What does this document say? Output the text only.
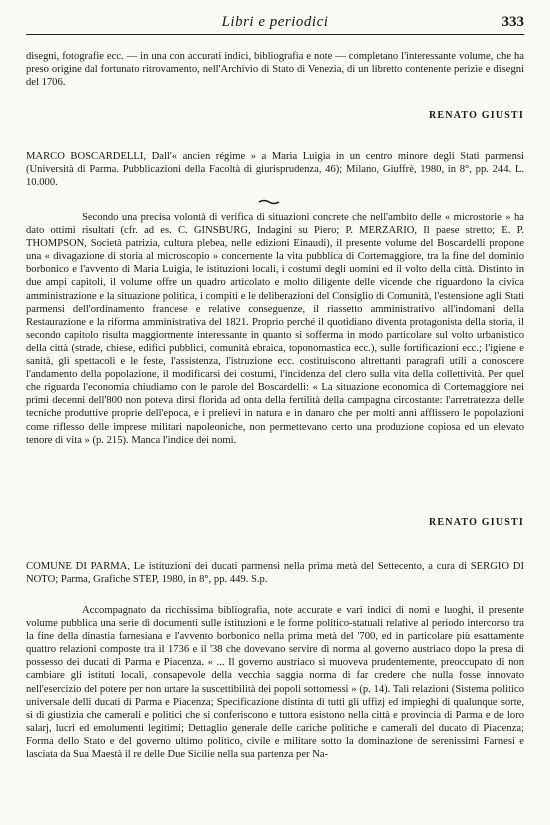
Libri e periodici	333

disegni, fotografie ecc. — in una con accurati indici, bibliografia e note — completano l'interessante volume, che ha preso origine dal fortunato ritrovamento, nell'Archivio di Stato di Venezia, di un libretto contenente perizie e disegni del 1706.

RENATO GIUSTI

MARCO BOSCARDELLI, Dall'« ancien régime » a Maria Luigia in un centro minore degli Stati parmensi (Università di Parma. Pubblicazioni della Facoltà di giurisprudenza, 46); Milano, Giuffrè, 1980, in 8°, pp. 244. L. 10.000.

Secondo una precisa volontà di verifica di situazioni concrete che nell'ambito delle « microstorie » ha dato ottimi risultati (cfr. ad es. C. GINSBURG, Indagini su Piero; P. MERZARIO, Il paese stretto; E. P. THOMPSON, Società patrizia, cultura plebea, nelle edizioni Einaudi), il presente volume del Boscardelli propone una « divagazione di storia al microscopio » concernente la vita pubblica di Cortemaggiore, tra la fine del dominio borbonico e l'avvento di Maria Luigia, le istituzioni locali, i costumi degli uomini ed il volto della città. Distinto in due ampi capitoli, il volume offre un quadro articolato e molto diligente delle vicende che riguardono la civica amministrazione e la situazione politica, i compiti e le deliberazioni del Consiglio di Comunità, l'estensione agli Stati parmensi dell'ordinamento francese e relative conseguenze, il riassetto amministrativo all'indomani della Restaurazione e la riforma amministrativa del 1821. Proprio perché il quotidiano diventa protagonista della storia, il secondo capitolo risulta maggiormente interessante in quanto si sofferma in modo particolare sul volto urbanistico della città (strade, chiese, edifici pubblici, comunità ebraica, toponomastica ecc.), sulle fortificazioni ecc.; l'igiene e sanità, gli spettacoli e le feste, l'assistenza, l'istruzione ecc. costituiscono altrettanti paragrafi utili a conoscere l'andamento della popolazione, il modificarsi dei costumi, l'incidenza del clero sulla vita della collettività. Per quel che riguarda l'economia chiudiamo con le parole del Boscardelli: « La situazione economica di Cortemaggiore nei primi decenni dell'800 non poteva dirsi florida ad onta della fertilità della campagna circostante: l'arretratezza delle tecniche produttive proprie dell'epoca, e i prelievi in natura e in danaro che per molti anni afflissero le popolazioni come riflesso delle imprese militari napoleoniche, non permettevano certo una produzione copiosa ed un elevato tenore di vita » (p. 215). Manca l'indice dei nomi.

RENATO GIUSTI

COMUNE DI PARMA, Le istituzioni dei ducati parmensi nella prima metà del Settecento, a cura di SERGIO DI NOTO; Parma, Grafiche STEP, 1980, in 8°, pp. 449. S.p.

Accompagnato da ricchissima bibliografia, note accurate e vari indici di nomi e luoghi, il presente volume pubblica una serie di documenti sulle istituzioni e le forme politico-statuali relative al periodo intercorso tra la fine della dinastia farnesiana e l'avvento borbonico nella prima metà del '700, ed in particolare più esattamente quattro relazioni composte tra il 1736 e il '38 che dovevano servire di norma al governo austriaco dopo la presa di possesso dei ducati di Parma e Piacenza. « ... Il governo austriaco si muoveva prudentemente, preoccupato di non cambiare gli istituti locali, consapevole della vecchia saggia norma di far credere che nulla fosse innovato nell'esercizio del potere per non urtare la suscettibilità dei popoli sottomessi » (p. 14). Tali relazioni (Sistema politico universale delli ducati di Parma e Piacenza; Specificazione distinta di tutti gli uffizj ed impieghi di qualunque sorte, sì di giustizia che camerali e politici che si conferiscono e tuttora esistono nella città e provincia di Parma e de loro salarj, lucri ed emolumenti legitimi; Dettaglio generale delle cariche politiche e camerali del ducato di Piacenza; Forma dello Stato e del governo ultimo politico, civile e militare sotto la dominazione de serenissimi Farnesi e lasciata da Sua Maestà il re delle Due Sicilie nella sua partenza per Na-
